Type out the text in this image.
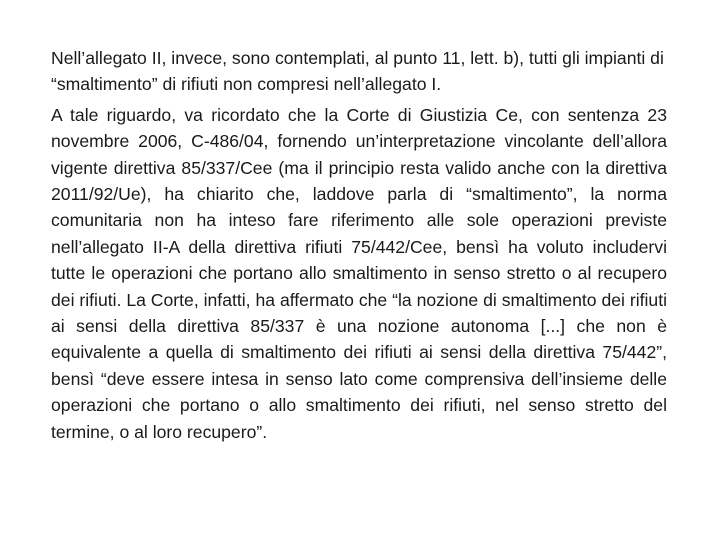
Nell’allegato II, invece, sono contemplati, al punto 11, lett. b), tutti gli impianti di “smaltimento” di rifiuti non compresi nell’allegato I.

A tale riguardo, va ricordato che la Corte di Giustizia Ce, con sentenza 23 novembre 2006, C-486/04, fornendo un’interpretazione vincolante dell’allora vigente direttiva 85/337/Cee (ma il principio resta valido anche con la direttiva 2011/92/Ue), ha chiarito che, laddove parla di “smaltimento”, la norma comunitaria non ha inteso fare riferimento alle sole operazioni previste nell’allegato II-A della direttiva rifiuti 75/442/Cee, bensì ha voluto includervi tutte le operazioni che portano allo smaltimento in senso stretto o al recupero dei rifiuti. La Corte, infatti, ha affermato che “la nozione di smaltimento dei rifiuti ai sensi della direttiva 85/337 è una nozione autonoma [...] che non è equivalente a quella di smaltimento dei rifiuti ai sensi della direttiva 75/442”, bensì “deve essere intesa in senso lato come comprensiva dell’insieme delle operazioni che portano o allo smaltimento dei rifiuti, nel senso stretto del termine, o al loro recupero”.
